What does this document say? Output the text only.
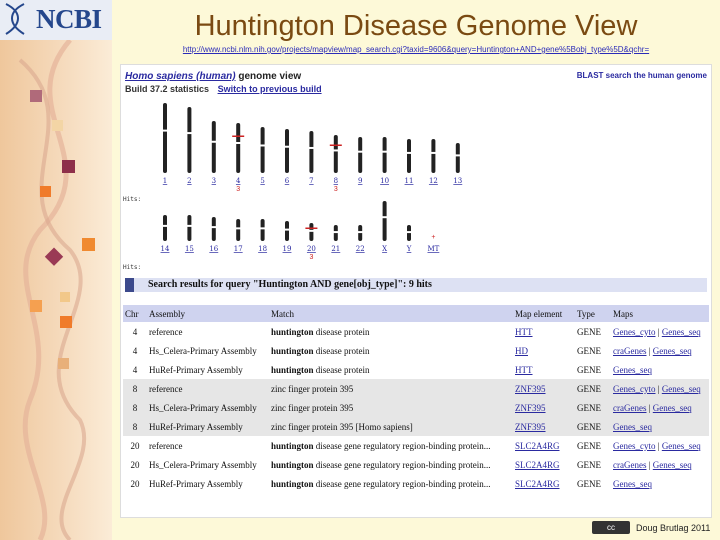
NCBI	Huntington Disease Genome View
http://www.ncbi.nlm.nih.gov/projects/mapview/map_search.cgi?taxid=9606&query=Huntington+AND+gene%5Bobj_type%5D&qchr=
Homo sapiens (human) genome view
Build 37.2 statistics Switch to previous build
BLAST search the human genome
Hits:
1	2	3	4
3
5	6	7	8
3
9	10 11 12 13
Hits:
14 15 16 17 18 19 20
3
21 22 X	Y
+
MT
Search results for query "Huntington AND gene[obj_type]": 9 hits
Chr	Assembly	Match	Map element	Type	Maps
4	reference	huntington disease protein	HTT	GENE	Genes_cyto | Genes_seq
4	Hs_Celera-Primary Assembly	huntington disease protein	HD	GENE	craGenes | Genes_seq
4	HuRef-Primary Assembly	huntington disease protein	HTT	GENE	Genes_seq
8	reference	zinc finger protein 395	ZNF395	GENE	Genes_cyto | Genes_seq
8	Hs_Celera-Primary Assembly	zinc finger protein 395	ZNF395	GENE	craGenes | Genes_seq
8	HuRef-Primary Assembly	zinc finger protein 395 [Homo sapiens]	ZNF395	GENE	Genes_seq
20	reference	huntington disease gene regulatory region-binding protein...	SLC2A4RG	GENE	Genes_cyto | Genes_seq
20	Hs_Celera-Primary Assembly	huntington disease gene regulatory region-binding protein...	SLC2A4RG	GENE	craGenes | Genes_seq
20	HuRef-Primary Assembly	huntington disease gene regulatory region-binding protein...	SLC2A4RG	GENE	Genes_seq
cc	Doug Brutlag 2011
